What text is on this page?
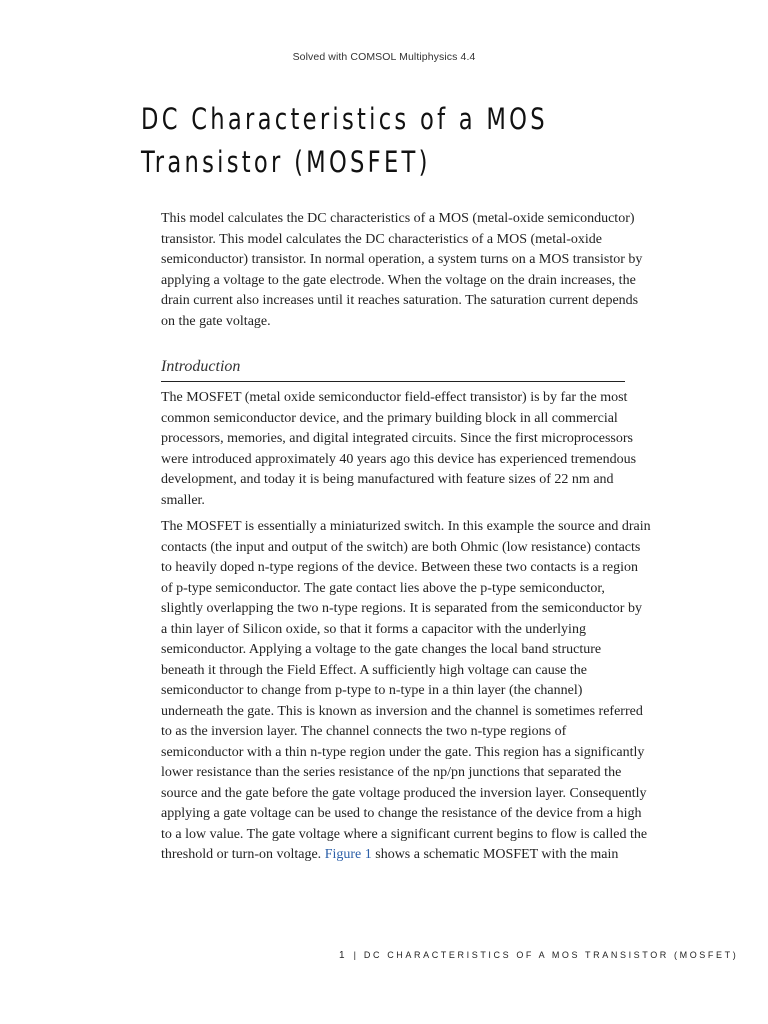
Solved with COMSOL Multiphysics 4.4
DC Characteristics of a MOS
Transistor (MOSFET)

This model calculates the DC characteristics of a MOS (metal-oxide semiconductor)
transistor. This model calculates the DC characteristics of a MOS (metal-oxide
semiconductor) transistor. In normal operation, a system turns on a MOS transistor by
applying a voltage to the gate electrode. When the voltage on the drain increases, the
drain current also increases until it reaches saturation. The saturation current depends
on the gate voltage.

Introduction

The MOSFET (metal oxide semiconductor field-effect transistor) is by far the most
common semiconductor device, and the primary building block in all commercial
processors, memories, and digital integrated circuits. Since the first microprocessors
were introduced approximately 40 years ago this device has experienced tremendous
development, and today it is being manufactured with feature sizes of 22 nm and
smaller.

The MOSFET is essentially a miniaturized switch. In this example the source and drain
contacts (the input and output of the switch) are both Ohmic (low resistance) contacts
to heavily doped n-type regions of the device. Between these two contacts is a region
of p-type semiconductor. The gate contact lies above the p-type semiconductor,
slightly overlapping the two n-type regions. It is separated from the semiconductor by
a thin layer of Silicon oxide, so that it forms a capacitor with the underlying
semiconductor. Applying a voltage to the gate changes the local band structure
beneath it through the Field Effect. A sufficiently high voltage can cause the
semiconductor to change from p-type to n-type in a thin layer (the channel)
underneath the gate. This is known as inversion and the channel is sometimes referred
to as the inversion layer. The channel connects the two n-type regions of
semiconductor with a thin n-type region under the gate. This region has a significantly
lower resistance than the series resistance of the np/pn junctions that separated the
source and the gate before the gate voltage produced the inversion layer. Consequently
applying a gate voltage can be used to change the resistance of the device from a high
to a low value. The gate voltage where a significant current begins to flow is called the
threshold or turn-on voltage. Figure 1 shows a schematic MOSFET with the main

1 | DC CHARACTERISTICS OF A MOS TRANSISTOR (MOSFET)
